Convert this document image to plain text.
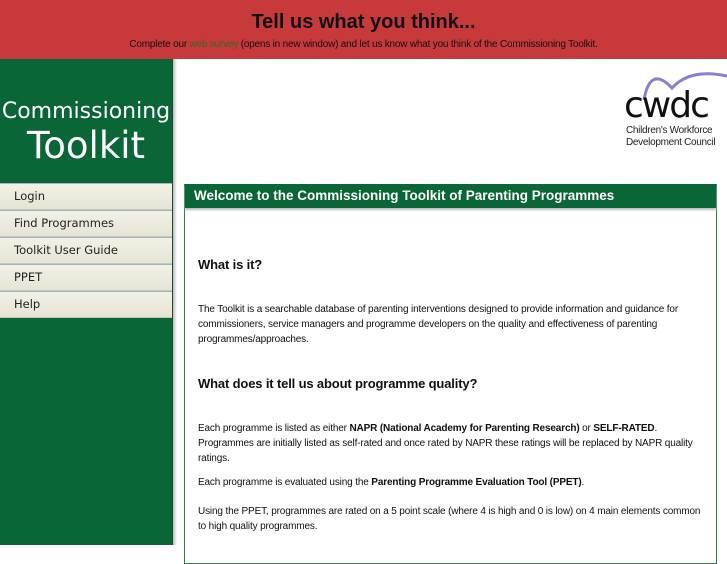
Tell us what you think...

Complete our web survey (opens in new window) and let us know what you think of the Commissioning Toolkit.

Commissioning
Toolkit
Login
Find Programmes
Toolkit User Guide
PPET
Help
cwdc
Children's Workforce
Development Council
Welcome to the Commissioning Toolkit of Parenting Programmes
What is it?
The Toolkit is a searchable database of parenting interventions designed to provide information and guidance for commissioners, service managers and programme developers on the quality and effectiveness of parenting programmes/approaches.
What does it tell us about programme quality?
Each programme is listed as either NAPR (National Academy for Parenting Research) or SELF-RATED. Programmes are initially listed as self-rated and once rated by NAPR these ratings will be replaced by NAPR quality ratings.
Each programme is evaluated using the Parenting Programme Evaluation Tool (PPET).
Using the PPET, programmes are rated on a 5 point scale (where 4 is high and 0 is low) on 4 main elements common to high quality programmes.
